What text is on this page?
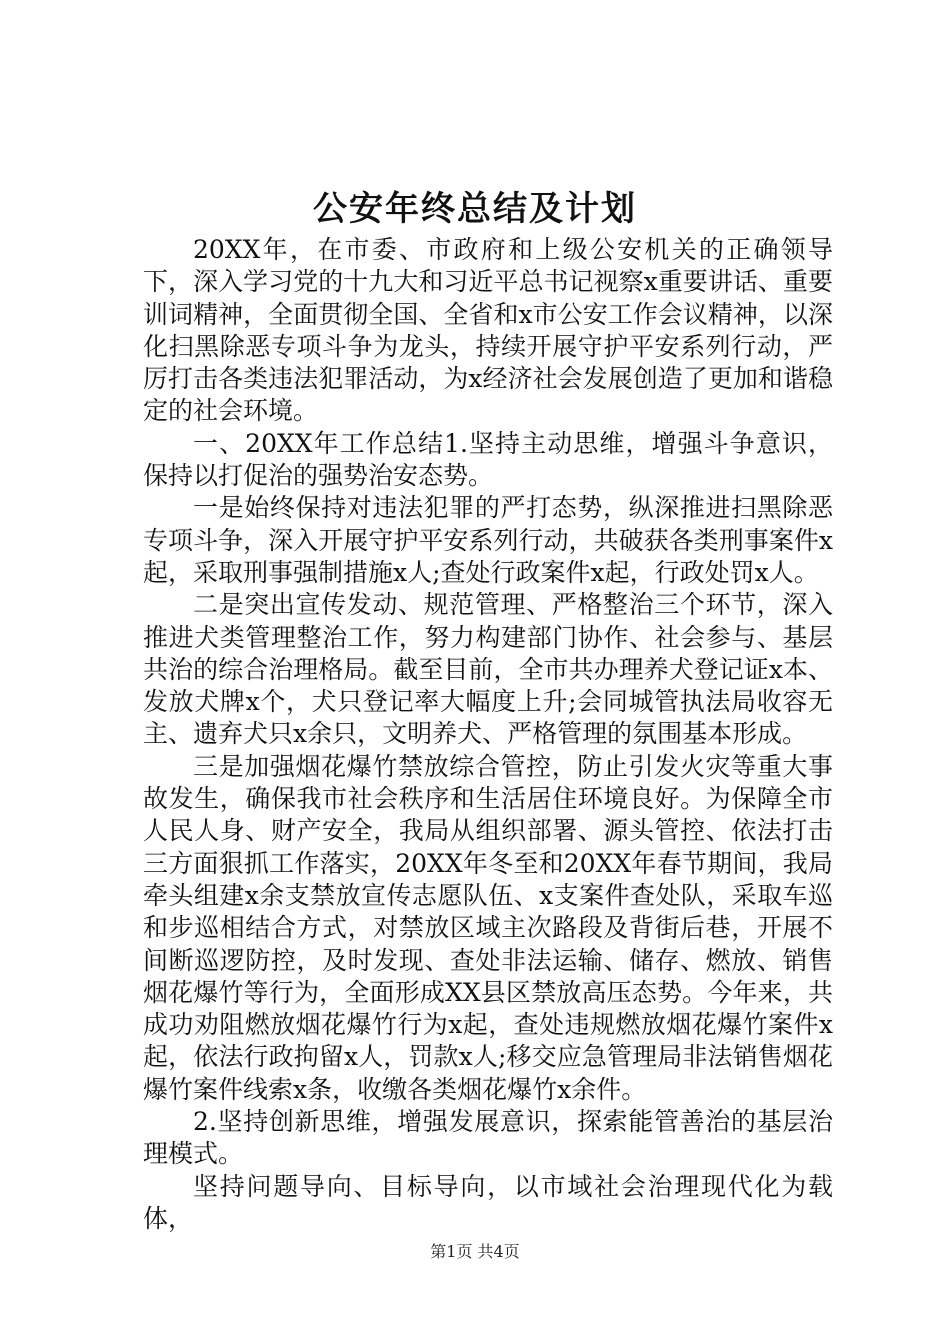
公安年终总结及计划

20XX年，在市委、市政府和上级公安机关的正确领导下，深入学习党的十九大和习近平总书记视察x重要讲话、重要训词精神，全面贯彻全国、全省和x市公安工作会议精神，以深化扫黑除恶专项斗争为龙头，持续开展守护平安系列行动，严厉打击各类违法犯罪活动，为x经济社会发展创造了更加和谐稳定的社会环境。

一、20XX年工作总结1.坚持主动思维，增强斗争意识，保持以打促治的强势治安态势。

一是始终保持对违法犯罪的严打态势，纵深推进扫黑除恶专项斗争，深入开展守护平安系列行动，共破获各类刑事案件x起，采取刑事强制措施x人;查处行政案件x起，行政处罚x人。

二是突出宣传发动、规范管理、严格整治三个环节，深入推进犬类管理整治工作，努力构建部门协作、社会参与、基层共治的综合治理格局。截至目前，全市共办理养犬登记证x本、发放犬牌x个，犬只登记率大幅度上升;会同城管执法局收容无主、遗弃犬只x余只，文明养犬、严格管理的氛围基本形成。

三是加强烟花爆竹禁放综合管控，防止引发火灾等重大事故发生，确保我市社会秩序和生活居住环境良好。为保障全市人民人身、财产安全，我局从组织部署、源头管控、依法打击三方面狠抓工作落实，20XX年冬至和20XX年春节期间，我局牵头组建x余支禁放宣传志愿队伍、x支案件查处队，采取车巡和步巡相结合方式，对禁放区域主次路段及背街后巷，开展不间断巡逻防控，及时发现、查处非法运输、储存、燃放、销售烟花爆竹等行为，全面形成XX县区禁放高压态势。今年来，共成功劝阻燃放烟花爆竹行为x起，查处违规燃放烟花爆竹案件x起，依法行政拘留x人，罚款x人;移交应急管理局非法销售烟花爆竹案件线索x条，收缴各类烟花爆竹x余件。

2.坚持创新思维，增强发展意识，探索能管善治的基层治理模式。

坚持问题导向、目标导向，以市域社会治理现代化为载体，

第1页 共4页
